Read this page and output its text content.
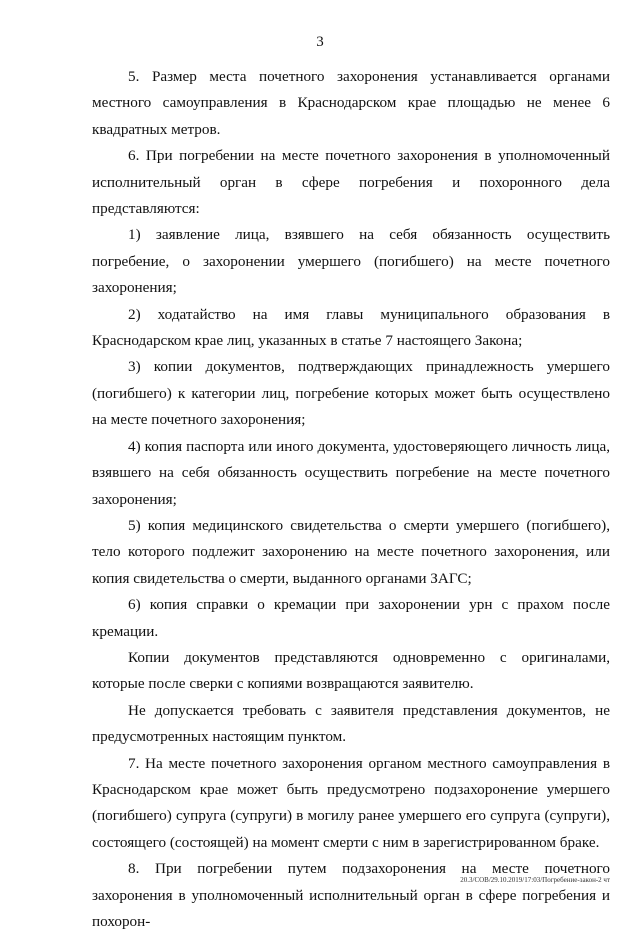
3

5. Размер места почетного захоронения устанавливается органами местного самоуправления в Краснодарском крае площадью не менее 6 квадратных метров.

6. При погребении на месте почетного захоронения в уполномоченный исполнительный орган в сфере погребения и похоронного дела представляются:

1) заявление лица, взявшего на себя обязанность осуществить погребение, о захоронении умершего (погибшего) на месте почетного захоронения;

2) ходатайство на имя главы муниципального образования в Краснодарском крае лиц, указанных в статье 7 настоящего Закона;

3) копии документов, подтверждающих принадлежность умершего (погибшего) к категории лиц, погребение которых может быть осуществлено на месте почетного захоронения;

4) копия паспорта или иного документа, удостоверяющего личность лица, взявшего на себя обязанность осуществить погребение на месте почетного захоронения;

5) копия медицинского свидетельства о смерти умершего (погибшего), тело которого подлежит захоронению на месте почетного захоронения, или копия свидетельства о смерти, выданного органами ЗАГС;

6) копия справки о кремации при захоронении урн с прахом после кремации.

Копии документов представляются одновременно с оригиналами, которые после сверки с копиями возвращаются заявителю.

Не допускается требовать с заявителя представления документов, не предусмотренных настоящим пунктом.

7. На месте почетного захоронения органом местного самоуправления в Краснодарском крае может быть предусмотрено подзахоронение умершего (погибшего) супруга (супруги) в могилу ранее умершего его супруга (супруги), состоящего (состоящей) на момент смерти с ним в зарегистрированном браке.

8. При погребении путем подзахоронения на месте почетного захоронения в уполномоченный исполнительный орган в сфере погребения и похорон-

20.3/СОВ/29.10.2019/17:03/Погребение-закон-2 чт
